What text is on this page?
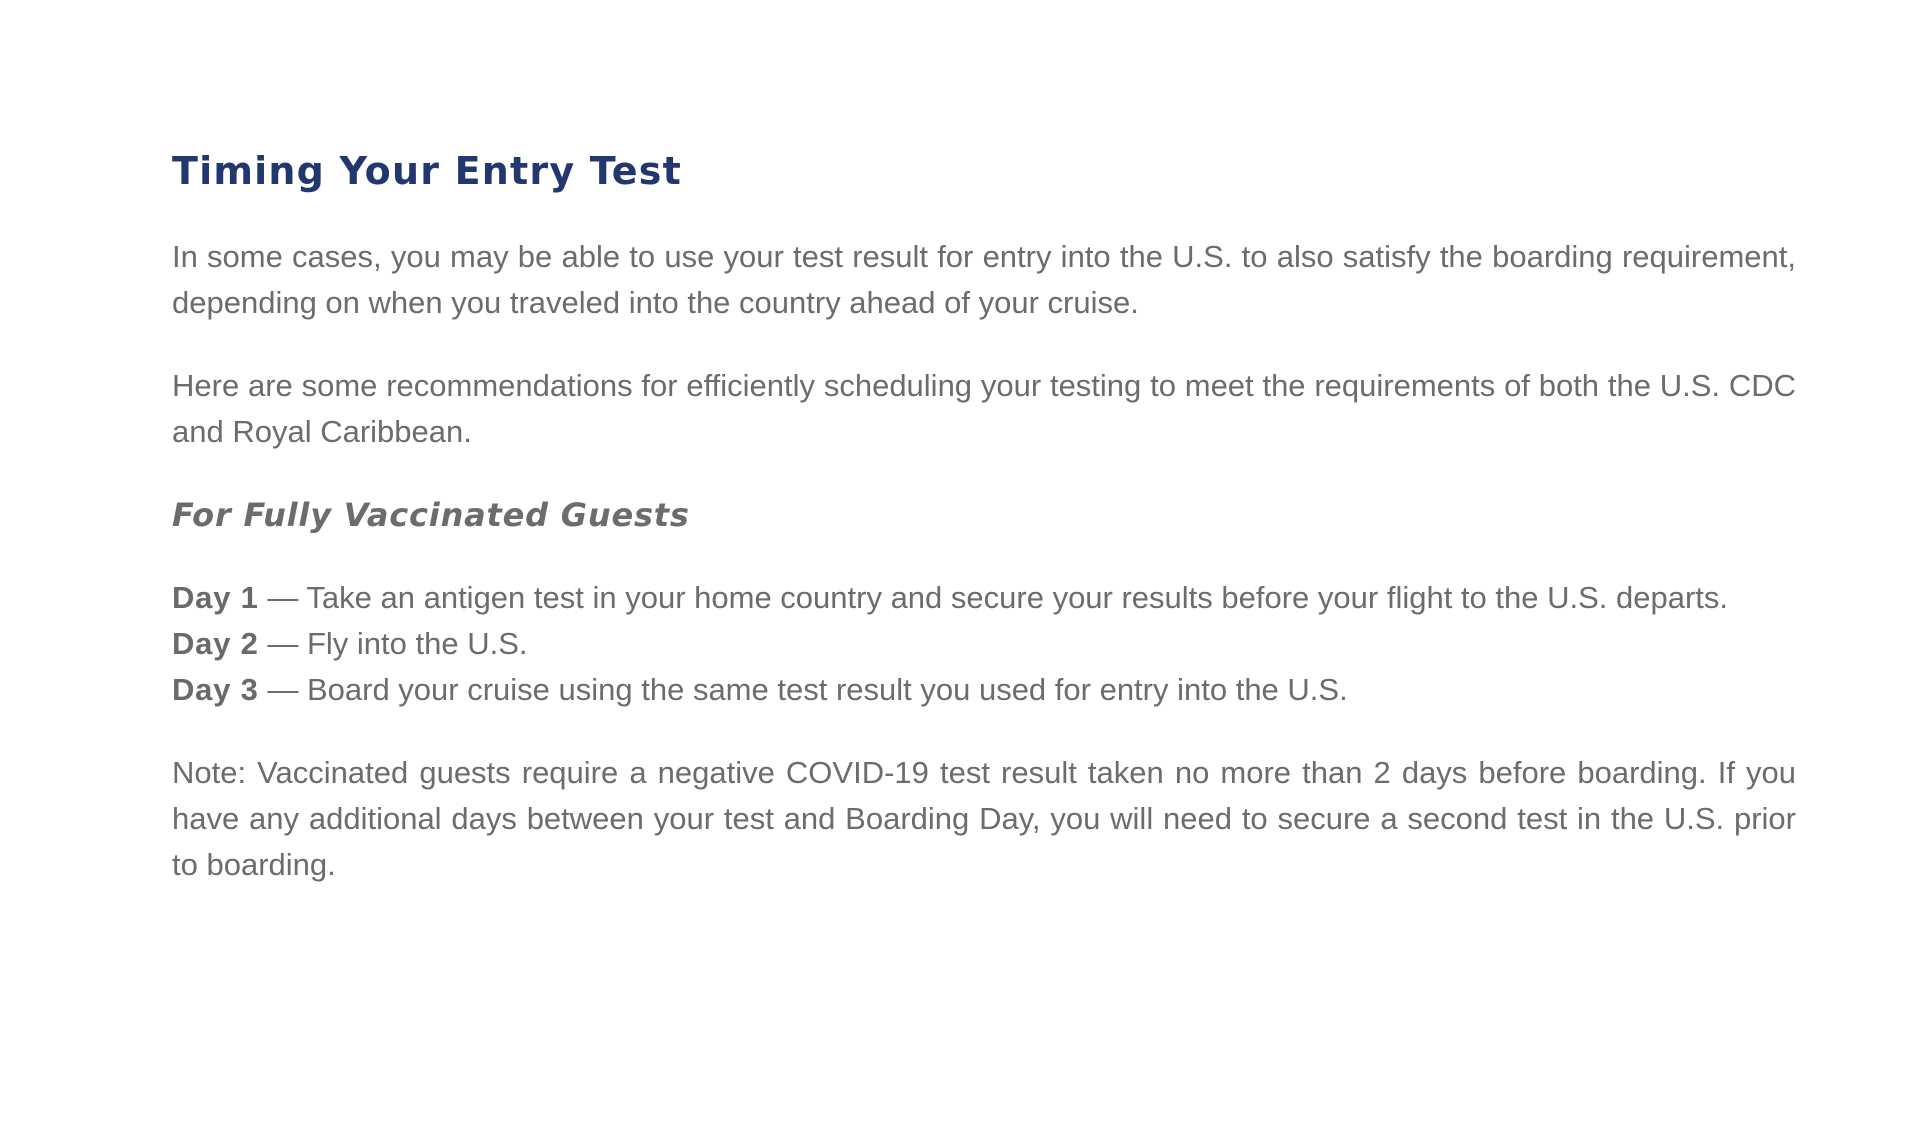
Timing Your Entry Test

In some cases, you may be able to use your test result for entry into the U.S. to also satisfy the boarding requirement, depending on when you traveled into the country ahead of your cruise.

Here are some recommendations for efficiently scheduling your testing to meet the requirements of both the U.S. CDC and Royal Caribbean.

For Fully Vaccinated Guests

Day 1 — Take an antigen test in your home country and secure your results before your flight to the U.S. departs.
Day 2 — Fly into the U.S.
Day 3 — Board your cruise using the same test result you used for entry into the U.S.

Note: Vaccinated guests require a negative COVID-19 test result taken no more than 2 days before boarding. If you have any additional days between your test and Boarding Day, you will need to secure a second test in the U.S. prior to boarding.
